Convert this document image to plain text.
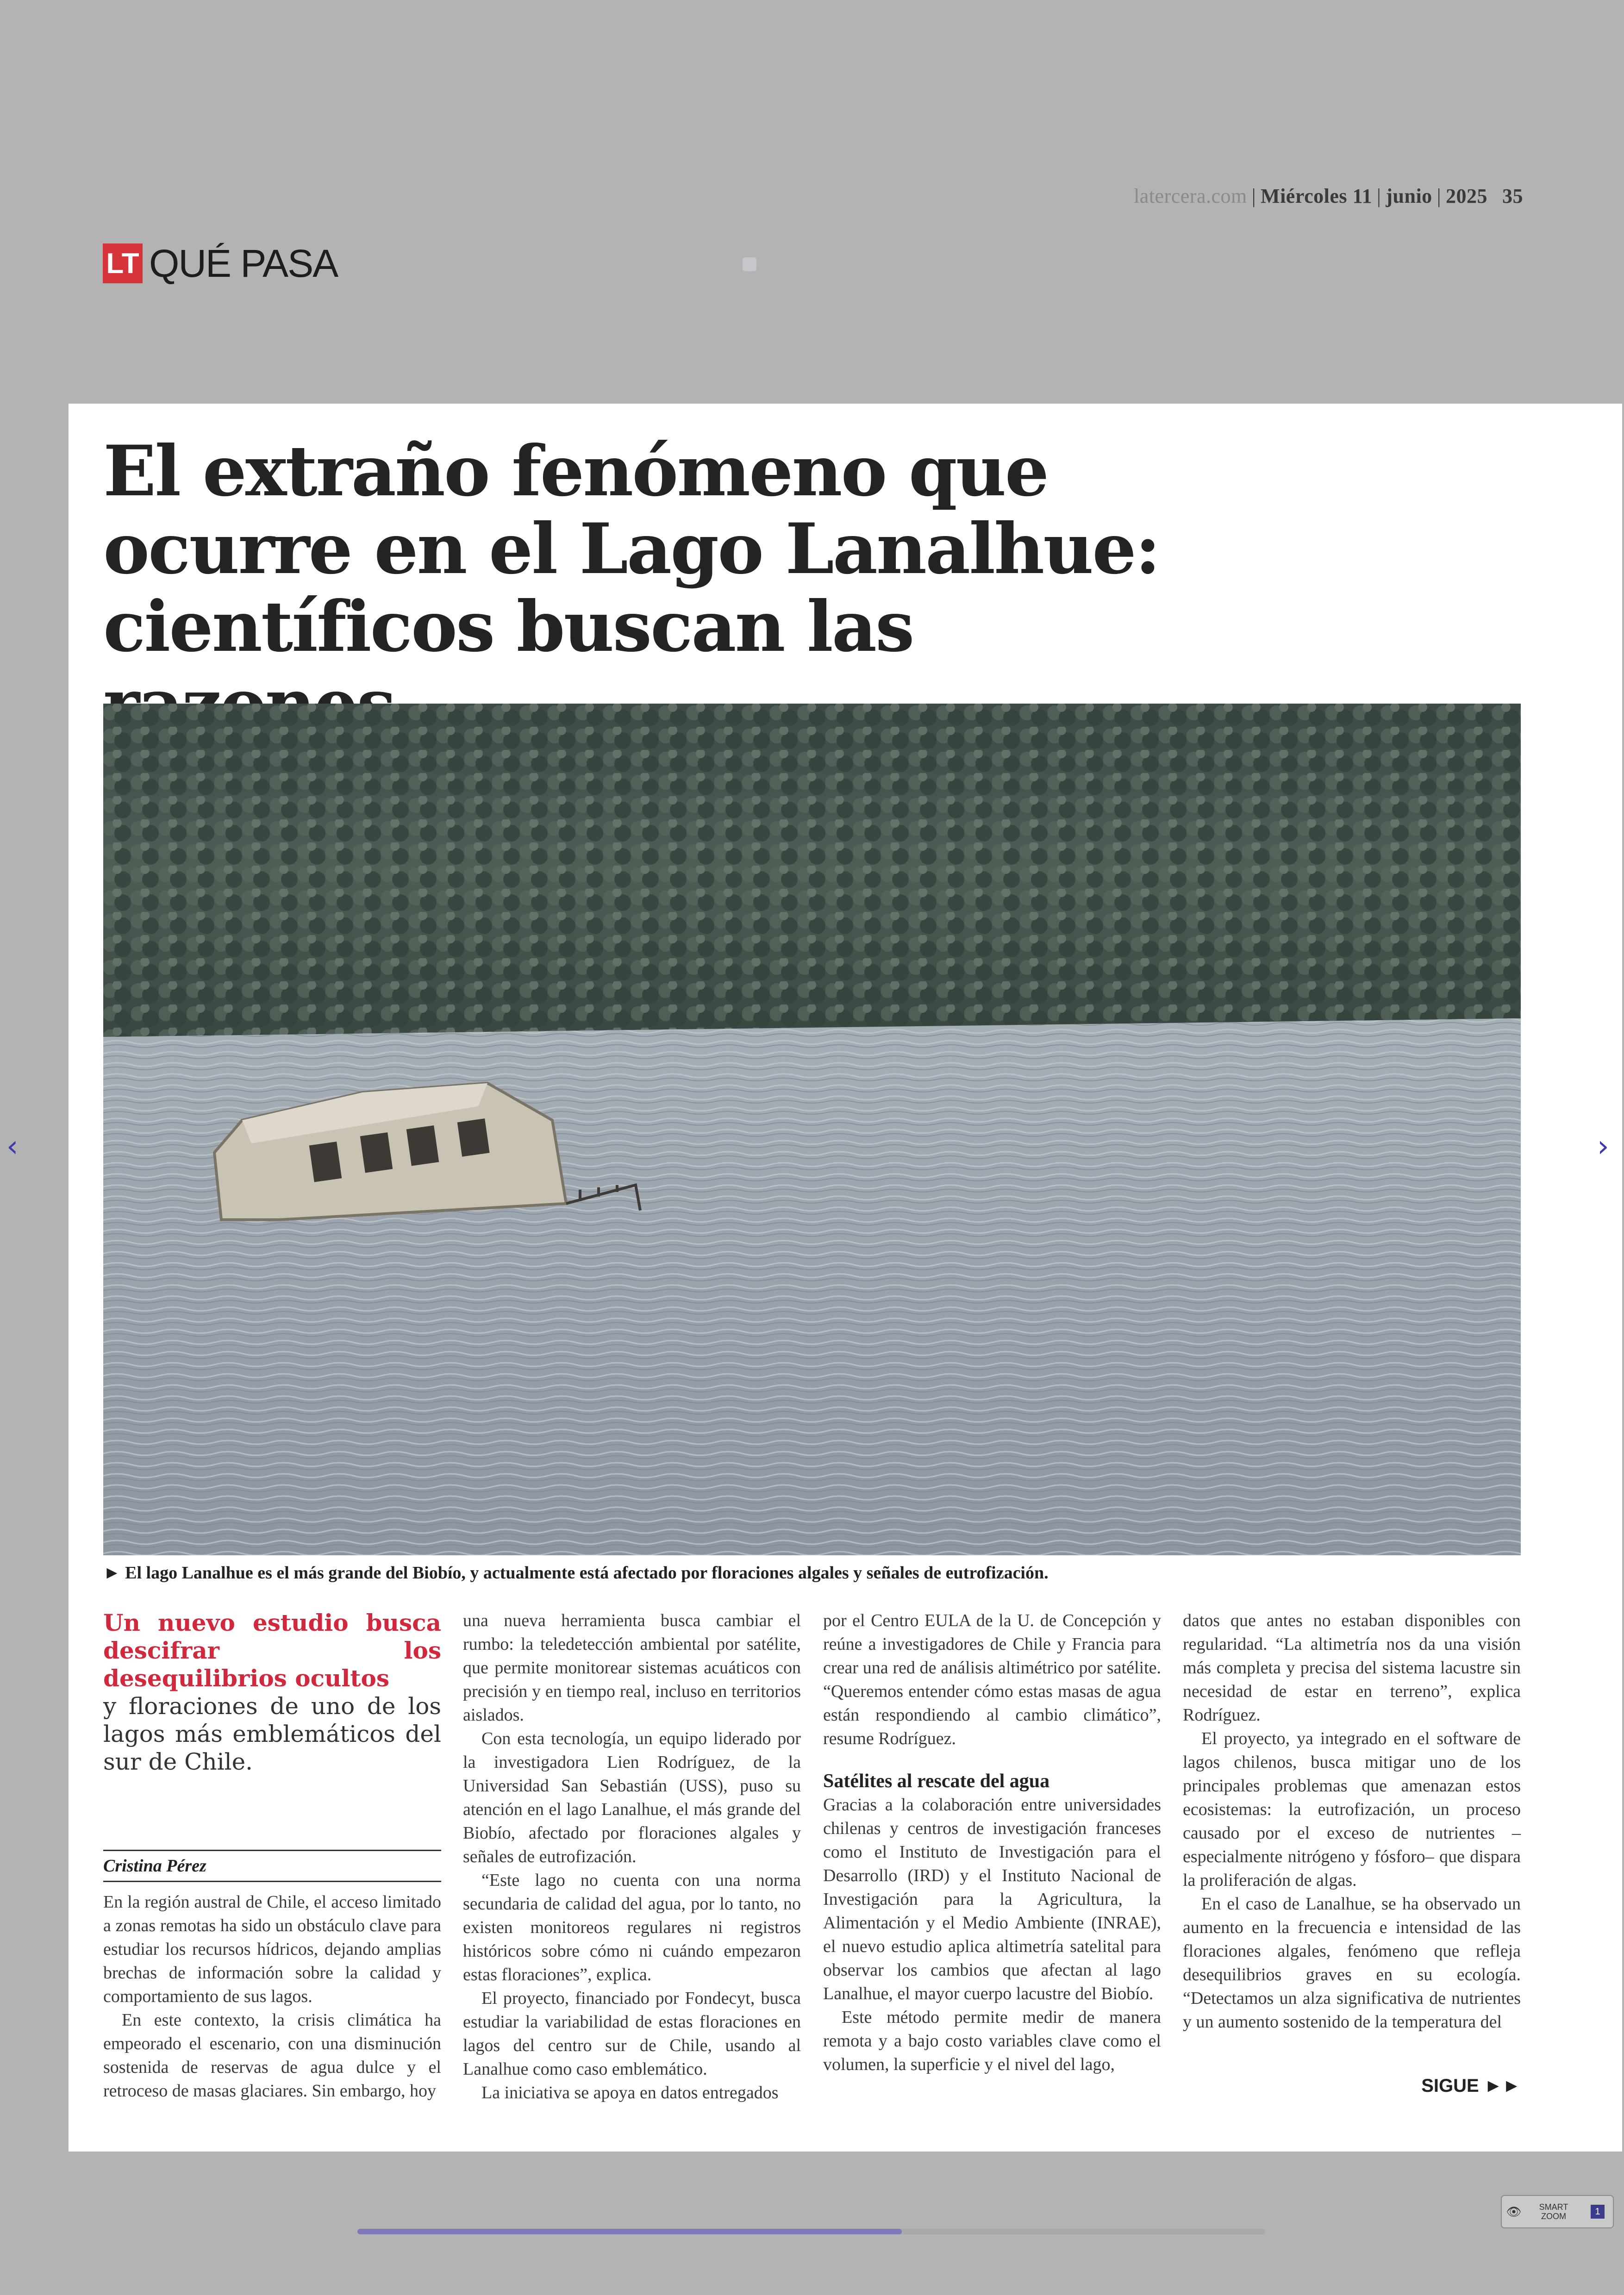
latercera.com | Miércoles 11 | junio | 2025 35
LT QUÉ PASA
El extraño fenómeno que ocurre en el Lago Lanalhue: científicos buscan las
► El lago Lanalhue es el más grande del Biobío, y actualmente está afectado por floraciones algales y señales de eutrofización.
Un nuevo estudio busca descifrar los desequilibrios ocultos
y floraciones de uno de los lagos más emblemáticos del sur de Chile.
Cristina Pérez

En la región austral de Chile, el acceso limitado a zonas remotas ha sido un obstáculo clave para estudiar los recursos hídricos, dejando amplias brechas de información sobre la calidad y comportamiento de sus lagos.

En este contexto, la crisis climática ha empeorado el escenario, con una disminución sostenida de reservas de agua dulce y el retroceso de masas glaciares. Sin embargo, hoy

una nueva herramienta busca cambiar el rumbo: la teledetección ambiental por satélite, que permite monitorear sistemas acuáticos con precisión y en tiempo real, incluso en territorios aislados.

Con esta tecnología, un equipo liderado por la investigadora Lien Rodríguez, de la Universidad San Sebastián (USS), puso su atención en el lago Lanalhue, el más grande del Biobío, afectado por floraciones algales y señales de eutrofización.

“Este lago no cuenta con una norma secundaria de calidad del agua, por lo tanto, no existen monitoreos regulares ni registros históricos sobre cómo ni cuándo empezaron estas floraciones”, explica.

El proyecto, financiado por Fondecyt, busca estudiar la variabilidad de estas floraciones en lagos del centro sur de Chile, usando al Lanalhue como caso emblemático.

La iniciativa se apoya en datos entregados

por el Centro EULA de la U. de Concepción y reúne a investigadores de Chile y Francia para crear una red de análisis altimétrico por satélite. “Queremos entender cómo estas masas de agua están respondiendo al cambio climático”, resume Rodríguez.

Satélites al rescate del agua

Gracias a la colaboración entre universidades chilenas y centros de investigación franceses como el Instituto de Investigación para el Desarrollo (IRD) y el Instituto Nacional de Investigación para la Agricultura, la Alimentación y el Medio Ambiente (INRAE), el nuevo estudio aplica altimetría satelital para observar los cambios que afectan al lago Lanalhue, el mayor cuerpo lacustre del Biobío.

Este método permite medir de manera remota y a bajo costo variables clave como el volumen, la superficie y el nivel del lago,

datos que antes no estaban disponibles con regularidad. “La altimetría nos da una visión más completa y precisa del sistema lacustre sin necesidad de estar en terreno”, explica Rodríguez.

El proyecto, ya integrado en el software de lagos chilenos, busca mitigar uno de los principales problemas que amenazan estos ecosistemas: la eutrofización, un proceso causado por el exceso de nutrientes –especialmente nitrógeno y fósforo– que dispara la proliferación de algas.

En el caso de Lanalhue, se ha observado un aumento en la frecuencia e intensidad de las floraciones algales, fenómeno que refleja desequilibrios graves en su ecología. “Detectamos un alza significativa de nutrientes y un aumento sostenido de la temperatura del

SIGUE ►►
‹	›
👁	SMART ZOOM	1
